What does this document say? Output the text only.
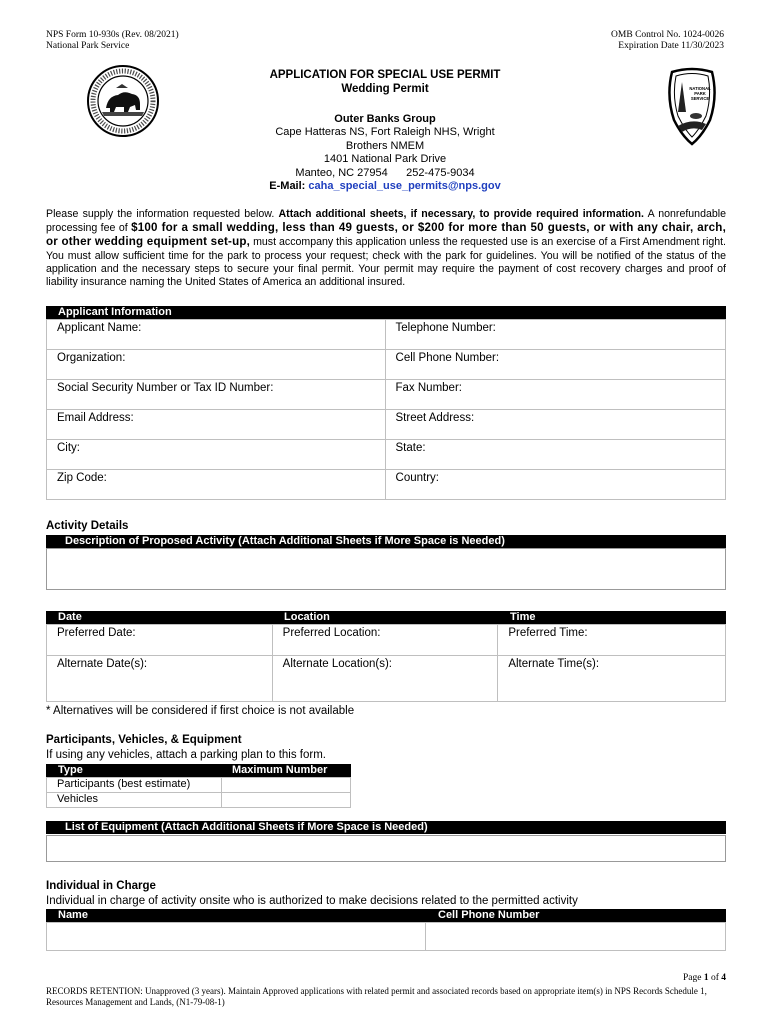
NPS Form 10-930s (Rev. 08/2021)
National Park Service
OMB Control No. 1024-0026
Expiration Date 11/30/2023
NATIONAL
PARK
SERVICE
APPLICATION FOR SPECIAL USE PERMIT
Wedding Permit
Outer Banks Group
Cape Hatteras NS, Fort Raleigh NHS, Wright
Brothers NMEM
1401 National Park Drive
Manteo, NC 27954      252-475-9034
E-Mail: caha_special_use_permits@nps.gov
Please supply the information requested below. Attach additional sheets, if necessary, to provide required information. A nonrefundable processing fee of $100 for a small wedding, less than 49 guests, or $200 for more than 50 guests, or with any chair, arch, or other wedding equipment set-up, must accompany this application unless the requested use is an exercise of a First Amendment right. You must allow sufficient time for the park to process your request; check with the park for guidelines. You will be notified of the status of the application and the necessary steps to secure your final permit. Your permit may require the payment of cost recovery charges and proof of liability insurance naming the United States of America an additional insured.
Applicant Information
Applicant Name:	Telephone Number:
Organization:	Cell Phone Number:
Social Security Number or Tax ID Number:	Fax Number:
Email Address:	Street Address:
City:	State:
Zip Code:	Country:
Activity Details
Description of Proposed Activity (Attach Additional Sheets if More Space is Needed)
Date	Location	Time
Preferred Date:	Preferred Location:	Preferred Time:
Alternate Date(s):	Alternate Location(s):	Alternate Time(s):
* Alternatives will be considered if first choice is not available
Participants, Vehicles, & Equipment
If using any vehicles, attach a parking plan to this form.
Type	Maximum Number
Participants (best estimate)	
Vehicles	
List of Equipment (Attach Additional Sheets if More Space is Needed)
Individual in Charge
Individual in charge of activity onsite who is authorized to make decisions related to the permitted activity
Name	Cell Phone Number

Page 1 of 4
RECORDS RETENTION: Unapproved (3 years). Maintain Approved applications with related permit and associated records based on appropriate item(s) in NPS Records Schedule 1, Resources Management and Lands, (N1-79-08-1)
